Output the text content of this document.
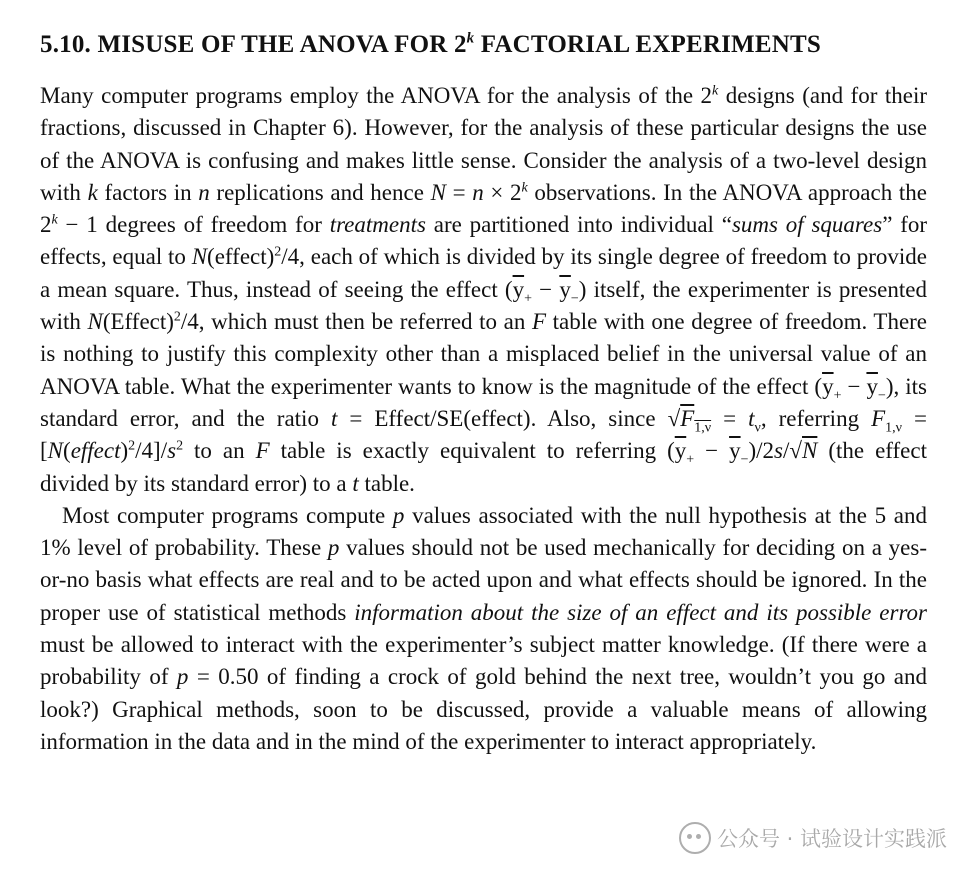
5.10. MISUSE OF THE ANOVA FOR 2$^k$ FACTORIAL EXPERIMENTS

Many computer programs employ the ANOVA for the analysis of the 2$^k$ designs (and for their fractions, discussed in Chapter 6). However, for the analysis of these particular designs the use of the ANOVA is confusing and makes little sense. Consider the analysis of a two-level design with k factors in n replications and hence $N = n \times 2^k$ observations. In the ANOVA approach the $2^k - 1$ degrees of freedom for treatments are partitioned into individual “sums of squares” for effects, equal to N(effect)$^2$/4, each of which is divided by its single degree of freedom to provide a mean square. Thus, instead of seeing the effect $(\overline{y}_+ - \overline{y}_-)$ itself, the experimenter is presented with N(Effect)$^2$/4, which must then be referred to an F table with one degree of freedom. There is nothing to justify this complexity other than a misplaced belief in the universal value of an ANOVA table. What the experimenter wants to know is the magnitude of the effect $(\overline{y}_+ - \overline{y}_-)$, its standard error, and the ratio t = Effect/SE(effect). Also, since $√F_{1,\nu} = t_\nu$, referring $F_{1,\nu}$ = $[N(effect)^2/4]/s^2$ to an F table is exactly equivalent to referring $(\overline{y}_+ - \overline{y}_-)/2s/√N$ (the effect divided by its standard error) to a t table.

Most computer programs compute p values associated with the null hypothesis at the 5 and 1% level of probability. These p values should not be used mechanically for deciding on a yes-or-no basis what effects are real and to be acted upon and what effects should be ignored. In the proper use of statistical methods information about the size of an effect and its possible error must be allowed to interact with the experimenter’s subject matter knowledge. (If there were a probability of p = 0.50 of finding a crock of gold behind the next tree, wouldn’t you go and look?) Graphical methods, soon to be discussed, provide a valuable means of allowing information in the data and in the mind of the experimenter to interact appropriately.

公众号 · 试验设计实践派
